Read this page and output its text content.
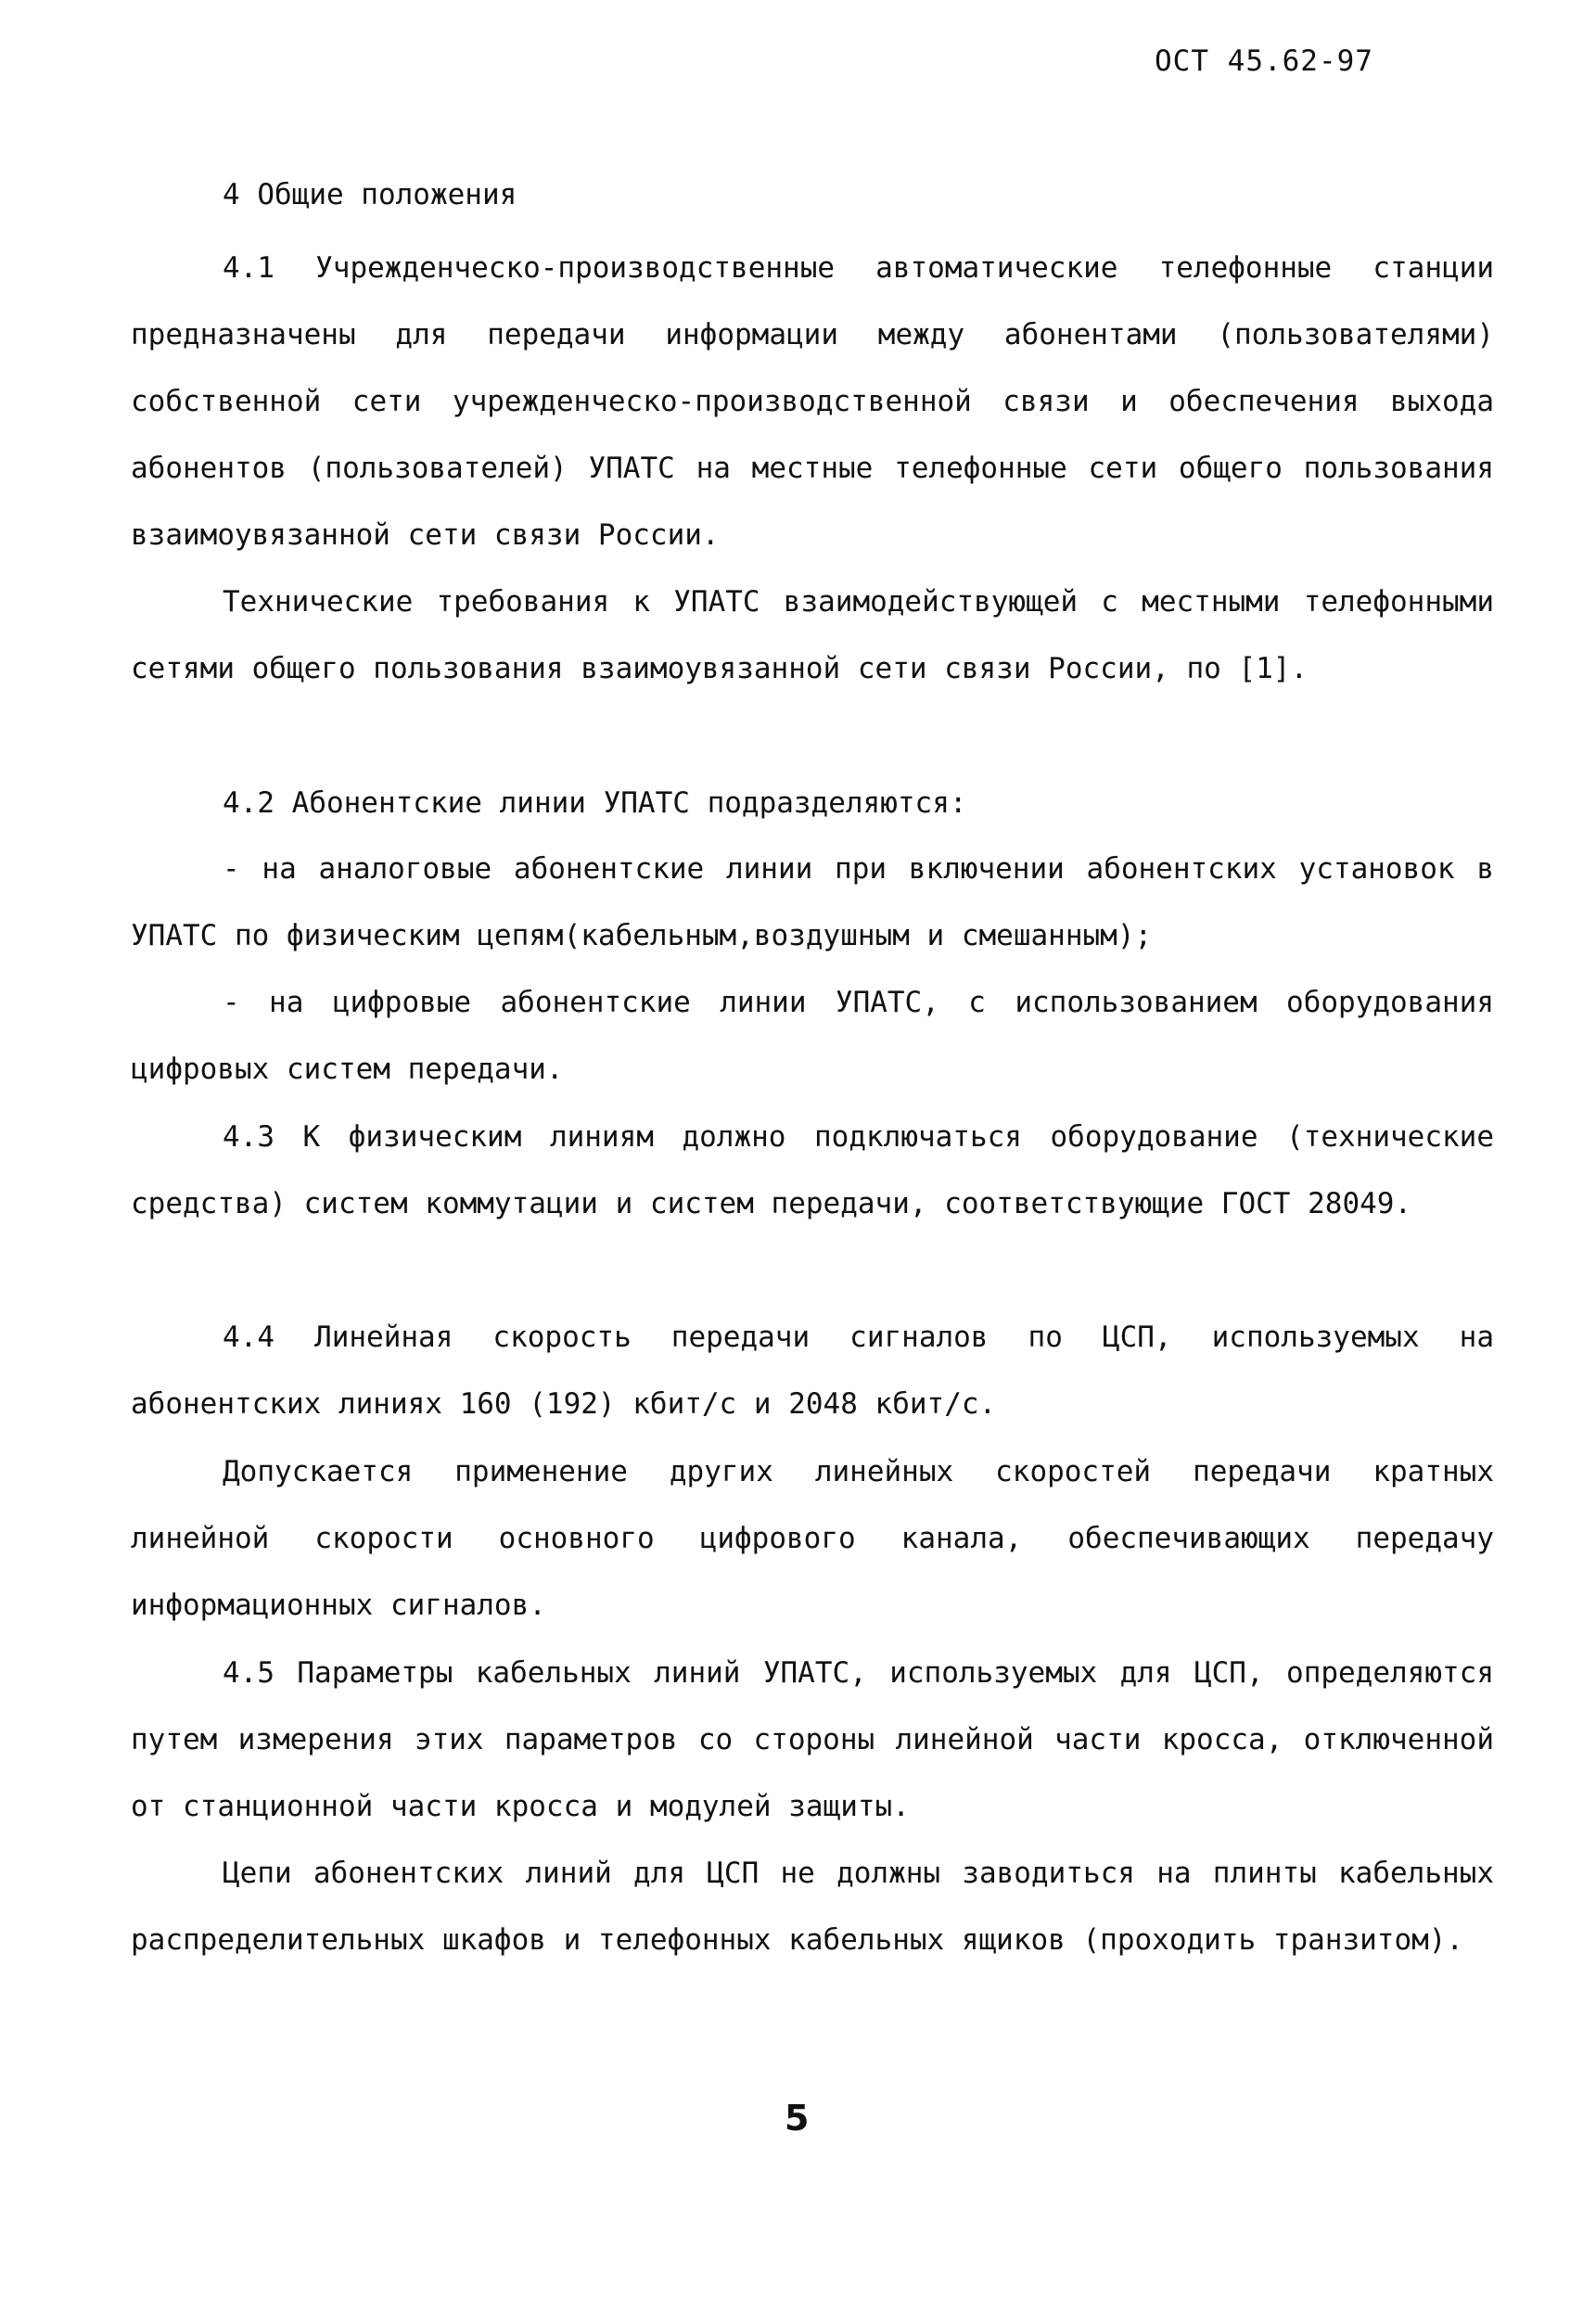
ОСТ 45.62-97
4 Общие положения

4.1 Учрежденческо-производственные автоматические телефонные станции предназначены для передачи информации между абонентами (пользователями) собственной сети учрежденческо-производственной связи и обеспечения выхода абонентов (пользователей) УПАТС на местные телефонные сети общего пользования взаимоувязанной сети связи России.

Технические требования к УПАТС взаимодействующей с местными телефонными сетями общего пользования взаимоувязанной сети связи России, по [1].

4.2 Абонентские линии УПАТС подразделяются:

- на аналоговые абонентские линии при включении абонентских установок в УПАТС по физическим цепям(кабельным,воздушным и смешанным);

- на цифровые абонентские линии УПАТС, с использованием оборудования цифровых систем передачи.

4.3 К физическим линиям должно подключаться оборудование (технические средства) систем коммутации и систем передачи, соответствующие ГОСТ 28049.

4.4 Линейная скорость передачи сигналов по ЦСП, используемых на абонентских линиях 160 (192) кбит/с и 2048 кбит/с.

Допускается применение других линейных скоростей передачи кратных линейной скорости основного цифрового канала, обеспечивающих передачу информационных сигналов.

4.5 Параметры кабельных линий УПАТС, используемых для ЦСП, определяются путем измерения этих параметров со стороны линейной части кросса, отключенной от станционной части кросса и модулей защиты.

Цепи абонентских линий для ЦСП не должны заводиться на плинты кабельных распределительных шкафов и телефонных кабельных ящиков (проходить транзитом).

5
